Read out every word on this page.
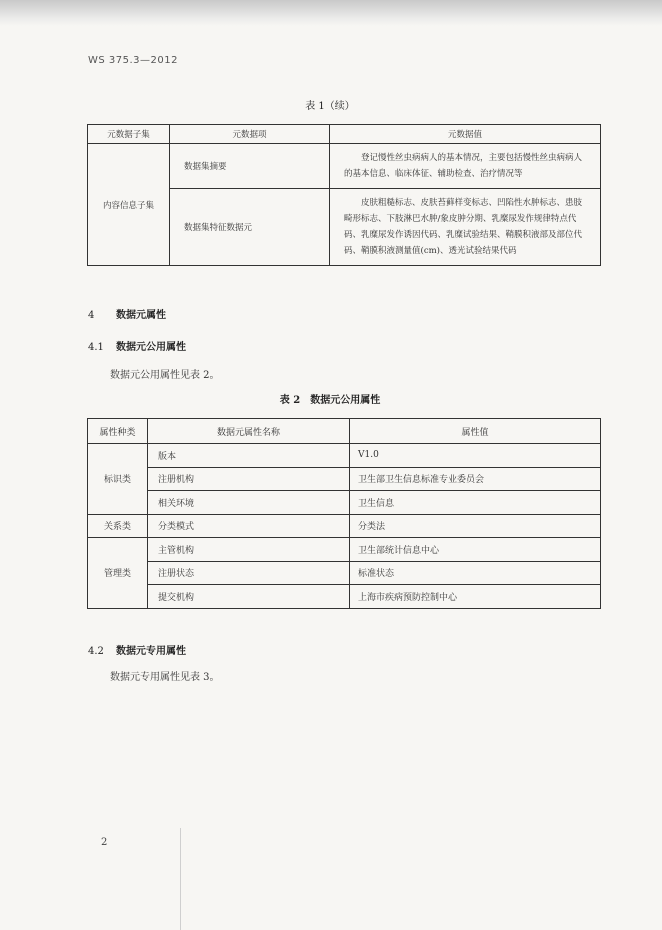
WS 375.3—2012
表 1（续）
元数据子集	元数据项	元数据值
内容信息子集	数据集摘要	登记慢性丝虫病病人的基本情况，主要包括慢性丝虫病病人的基本信息、临床体征、辅助检查、治疗情况等
	数据集特征数据元	皮肤粗糙标志、皮肤苔藓样变标志、凹陷性水肿标志、患肢畸形标志、下肢淋巴水肿/象皮肿分期、乳糜尿发作规律特点代码、乳糜尿发作诱因代码、乳糜试验结果、鞘膜积液部及部位代码、鞘膜积液测量值(cm)、透光试验结果代码
4 数据元属性
4.1 数据元公用属性
数据元公用属性见表 2。
表 2　数据元公用属性
属性种类	数据元属性名称	属性值
标识类	版本	V1.0
	注册机构	卫生部卫生信息标准专业委员会
	相关环境	卫生信息
关系类	分类模式	分类法
管理类	主管机构	卫生部统计信息中心
	注册状态	标准状态
	提交机构	上海市疾病预防控制中心
4.2 数据元专用属性
数据元专用属性见表 3。
2
